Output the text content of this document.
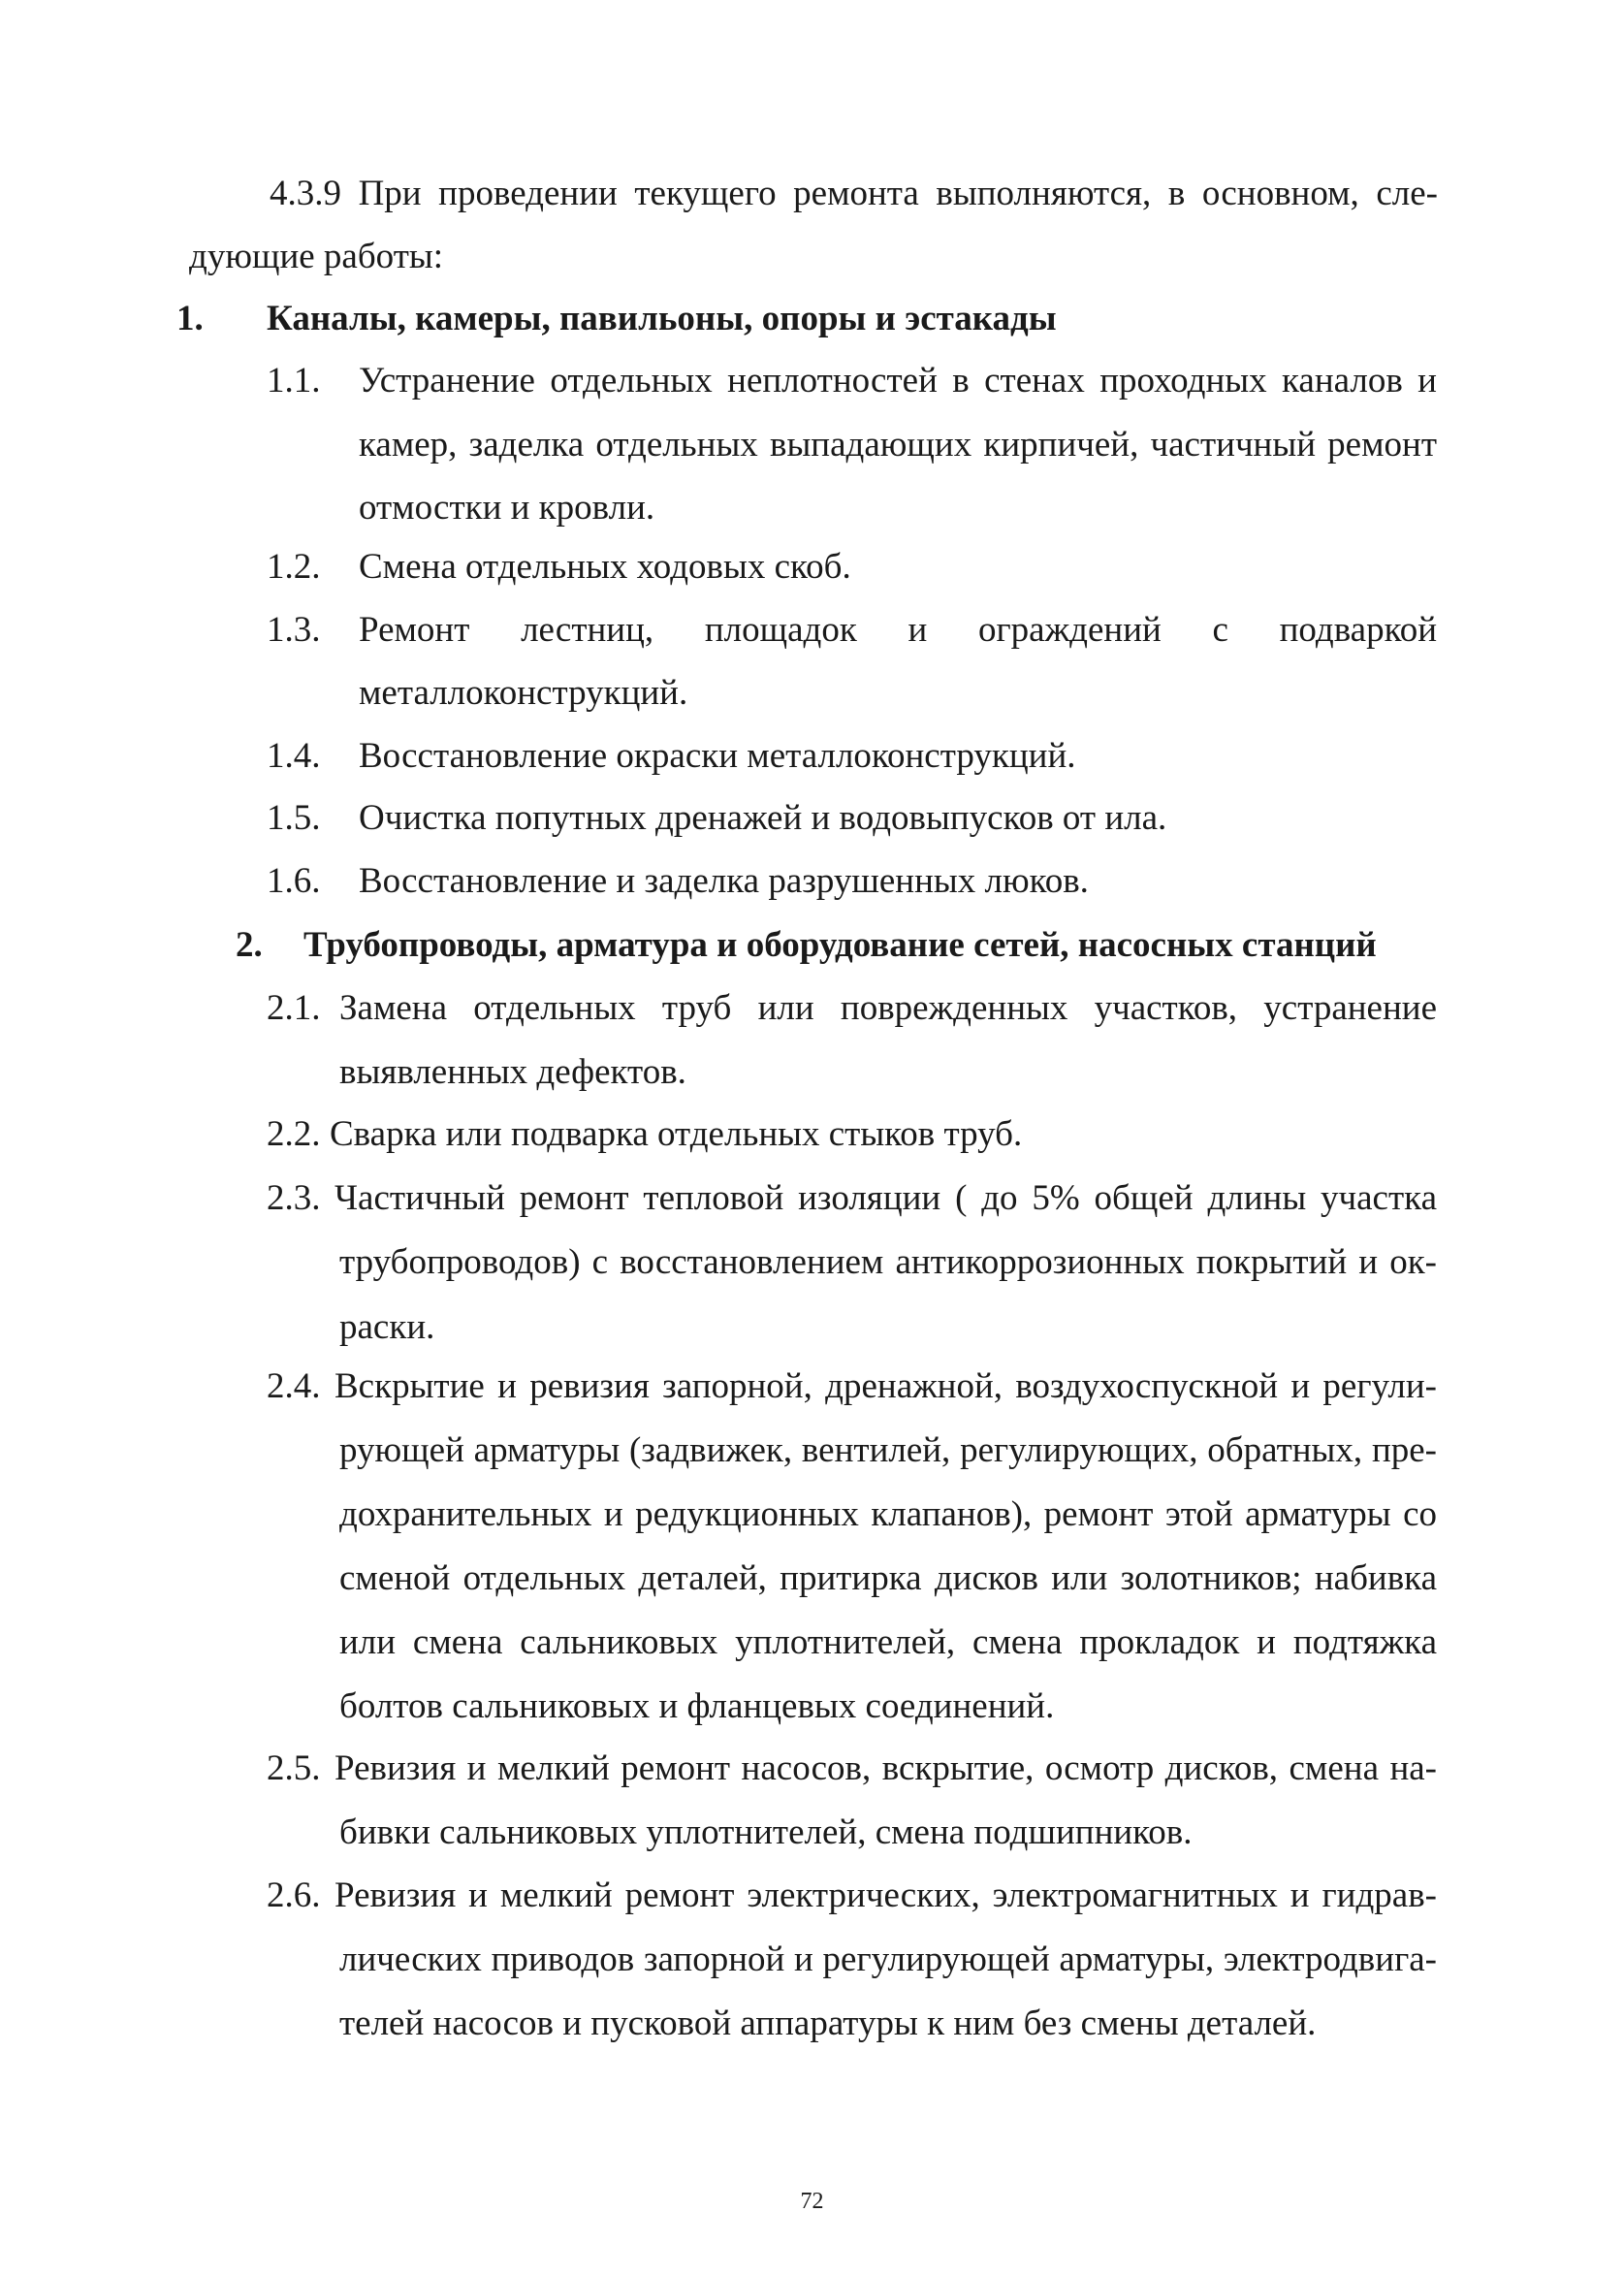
4.3.9 При проведении текущего ремонта выполняются, в основном, сле-
дующие работы:
1. Каналы, камеры, павильоны, опоры и эстакады
1.1. Устранение отдельных неплотностей в стенах проходных каналов и
камер, заделка отдельных выпадающих кирпичей, частичный ремонт
отмостки и кровли.
1.2. Смена отдельных ходовых скоб.
1.3. Ремонт лестниц, площадок и ограждений с подваркой
металлоконструкций.
1.4. Восстановление окраски металлоконструкций.
1.5. Очистка попутных дренажей и водовыпусков от ила.
1.6. Восстановление и заделка разрушенных люков.
2. Трубопроводы, арматура и оборудование сетей, насосных станций
2.1. Замена отдельных труб или поврежденных участков, устранение
выявленных дефектов.
2.2. Сварка или подварка отдельных стыков труб.
2.3. Частичный ремонт тепловой изоляции ( до 5% общей длины участка
трубопроводов) с восстановлением антикоррозионных покрытий и ок-
раски.
2.4. Вскрытие и ревизия запорной, дренажной, воздухоспускной и регули-
рующей арматуры (задвижек, вентилей, регулирующих, обратных, пре-
дохранительных и редукционных клапанов), ремонт этой арматуры со
сменой отдельных деталей, притирка дисков или золотников; набивка
или смена сальниковых уплотнителей, смена прокладок и подтяжка
болтов сальниковых и фланцевых соединений.
2.5. Ревизия и мелкий ремонт насосов, вскрытие, осмотр дисков, смена на-
бивки сальниковых уплотнителей, смена подшипников.
2.6. Ревизия и мелкий ремонт электрических, электромагнитных и гидрав-
лических приводов запорной и регулирующей арматуры, электродвига-
телей насосов и пусковой аппаратуры к ним без смены деталей.
72
